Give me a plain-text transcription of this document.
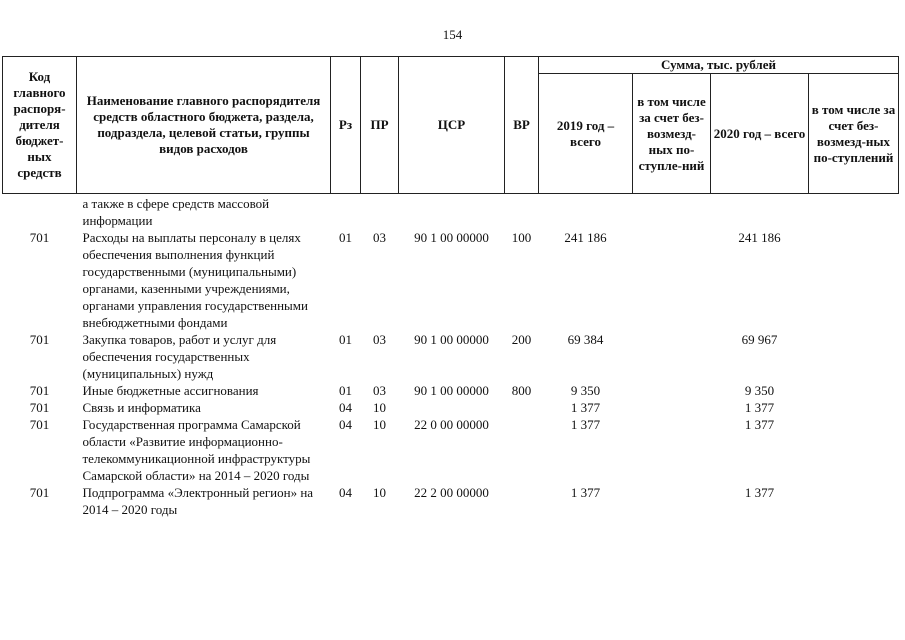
154
Код главного распоря-дителя бюджет-ных средств	Наименование главного распорядителя средств областного бюджета, раздела, подраздела, целевой статьи, группы видов расходов	Рз	ПР	ЦСР	ВР	Сумма, тыс. рублей			
						2019 год – всего	в том числе за счет без-возмезд-ных по-ступле-ний	2020 год – всего	в том числе за счет без-возмезд-ных по-ступлений
	а также в сфере средств массовой информации								
701	Расходы на выплаты персоналу в целях обеспечения выполнения функций государственными (муниципальными) органами, казенными учреждениями, органами управления государственными внебюджетными фондами	01	03	90 1 00 00000	100	241 186		241 186	
701	Закупка товаров, работ и услуг для обеспечения государственных (муниципальных) нужд	01	03	90 1 00 00000	200	69 384		69 967	
701	Иные бюджетные ассигнования	01	03	90 1 00 00000	800	9 350		9 350	
701	Связь и информатика	04	10			1 377		1 377	
701	Государственная программа Самарской области «Развитие информационно-телекоммуникационной инфраструктуры Самарской области» на 2014 – 2020 годы	04	10	22 0 00 00000		1 377		1 377	
701	Подпрограмма «Электронный регион» на 2014 – 2020 годы	04	10	22 2 00 00000		1 377		1 377	
